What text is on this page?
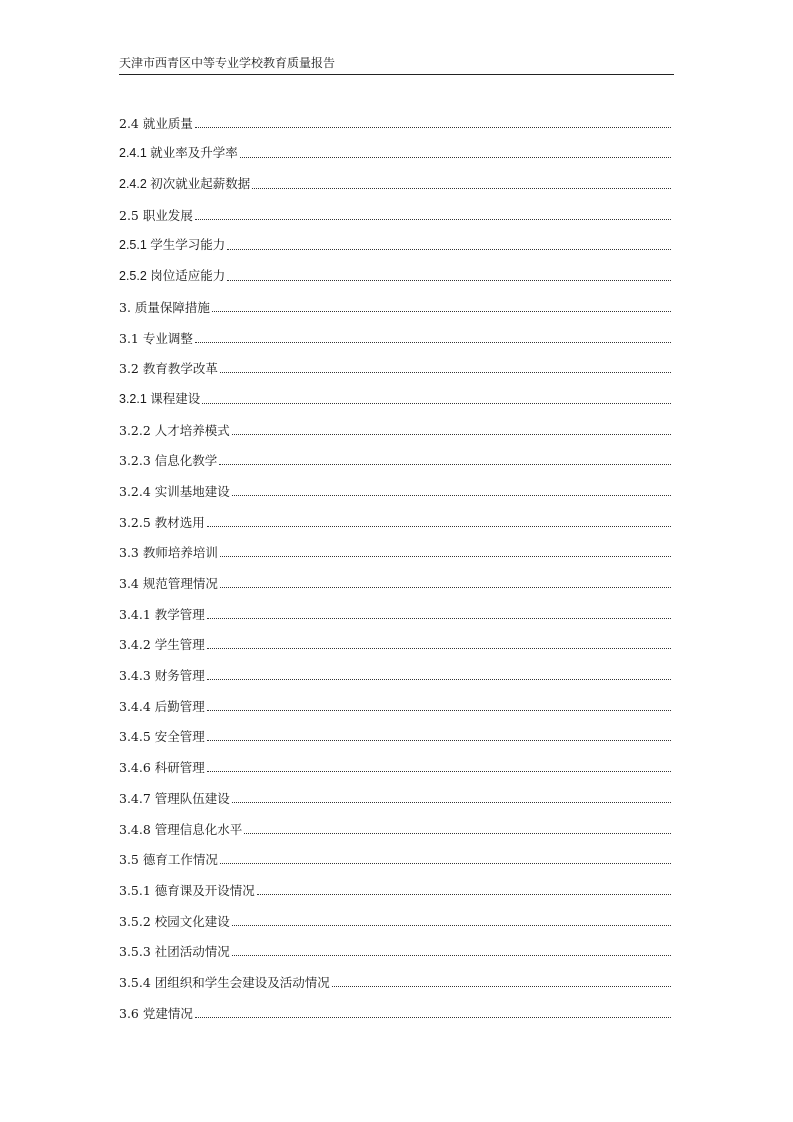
天津市西青区中等专业学校教育质量报告
2.4 就业质量
2.4.1 就业率及升学率
2.4.2 初次就业起薪数据
2.5 职业发展
2.5.1 学生学习能力
2.5.2 岗位适应能力
3. 质量保障措施
3.1 专业调整
3.2 教育教学改革
3.2.1 课程建设
3.2.2 人才培养模式
3.2.3 信息化教学
3.2.4 实训基地建设
3.2.5 教材选用
3.3 教师培养培训
3.4 规范管理情况
3.4.1 教学管理
3.4.2 学生管理
3.4.3 财务管理
3.4.4 后勤管理
3.4.5 安全管理
3.4.6 科研管理
3.4.7 管理队伍建设
3.4.8 管理信息化水平
3.5 德育工作情况
3.5.1 德育课及开设情况
3.5.2 校园文化建设
3.5.3 社团活动情况
3.5.4 团组织和学生会建设及活动情况
3.6 党建情况
